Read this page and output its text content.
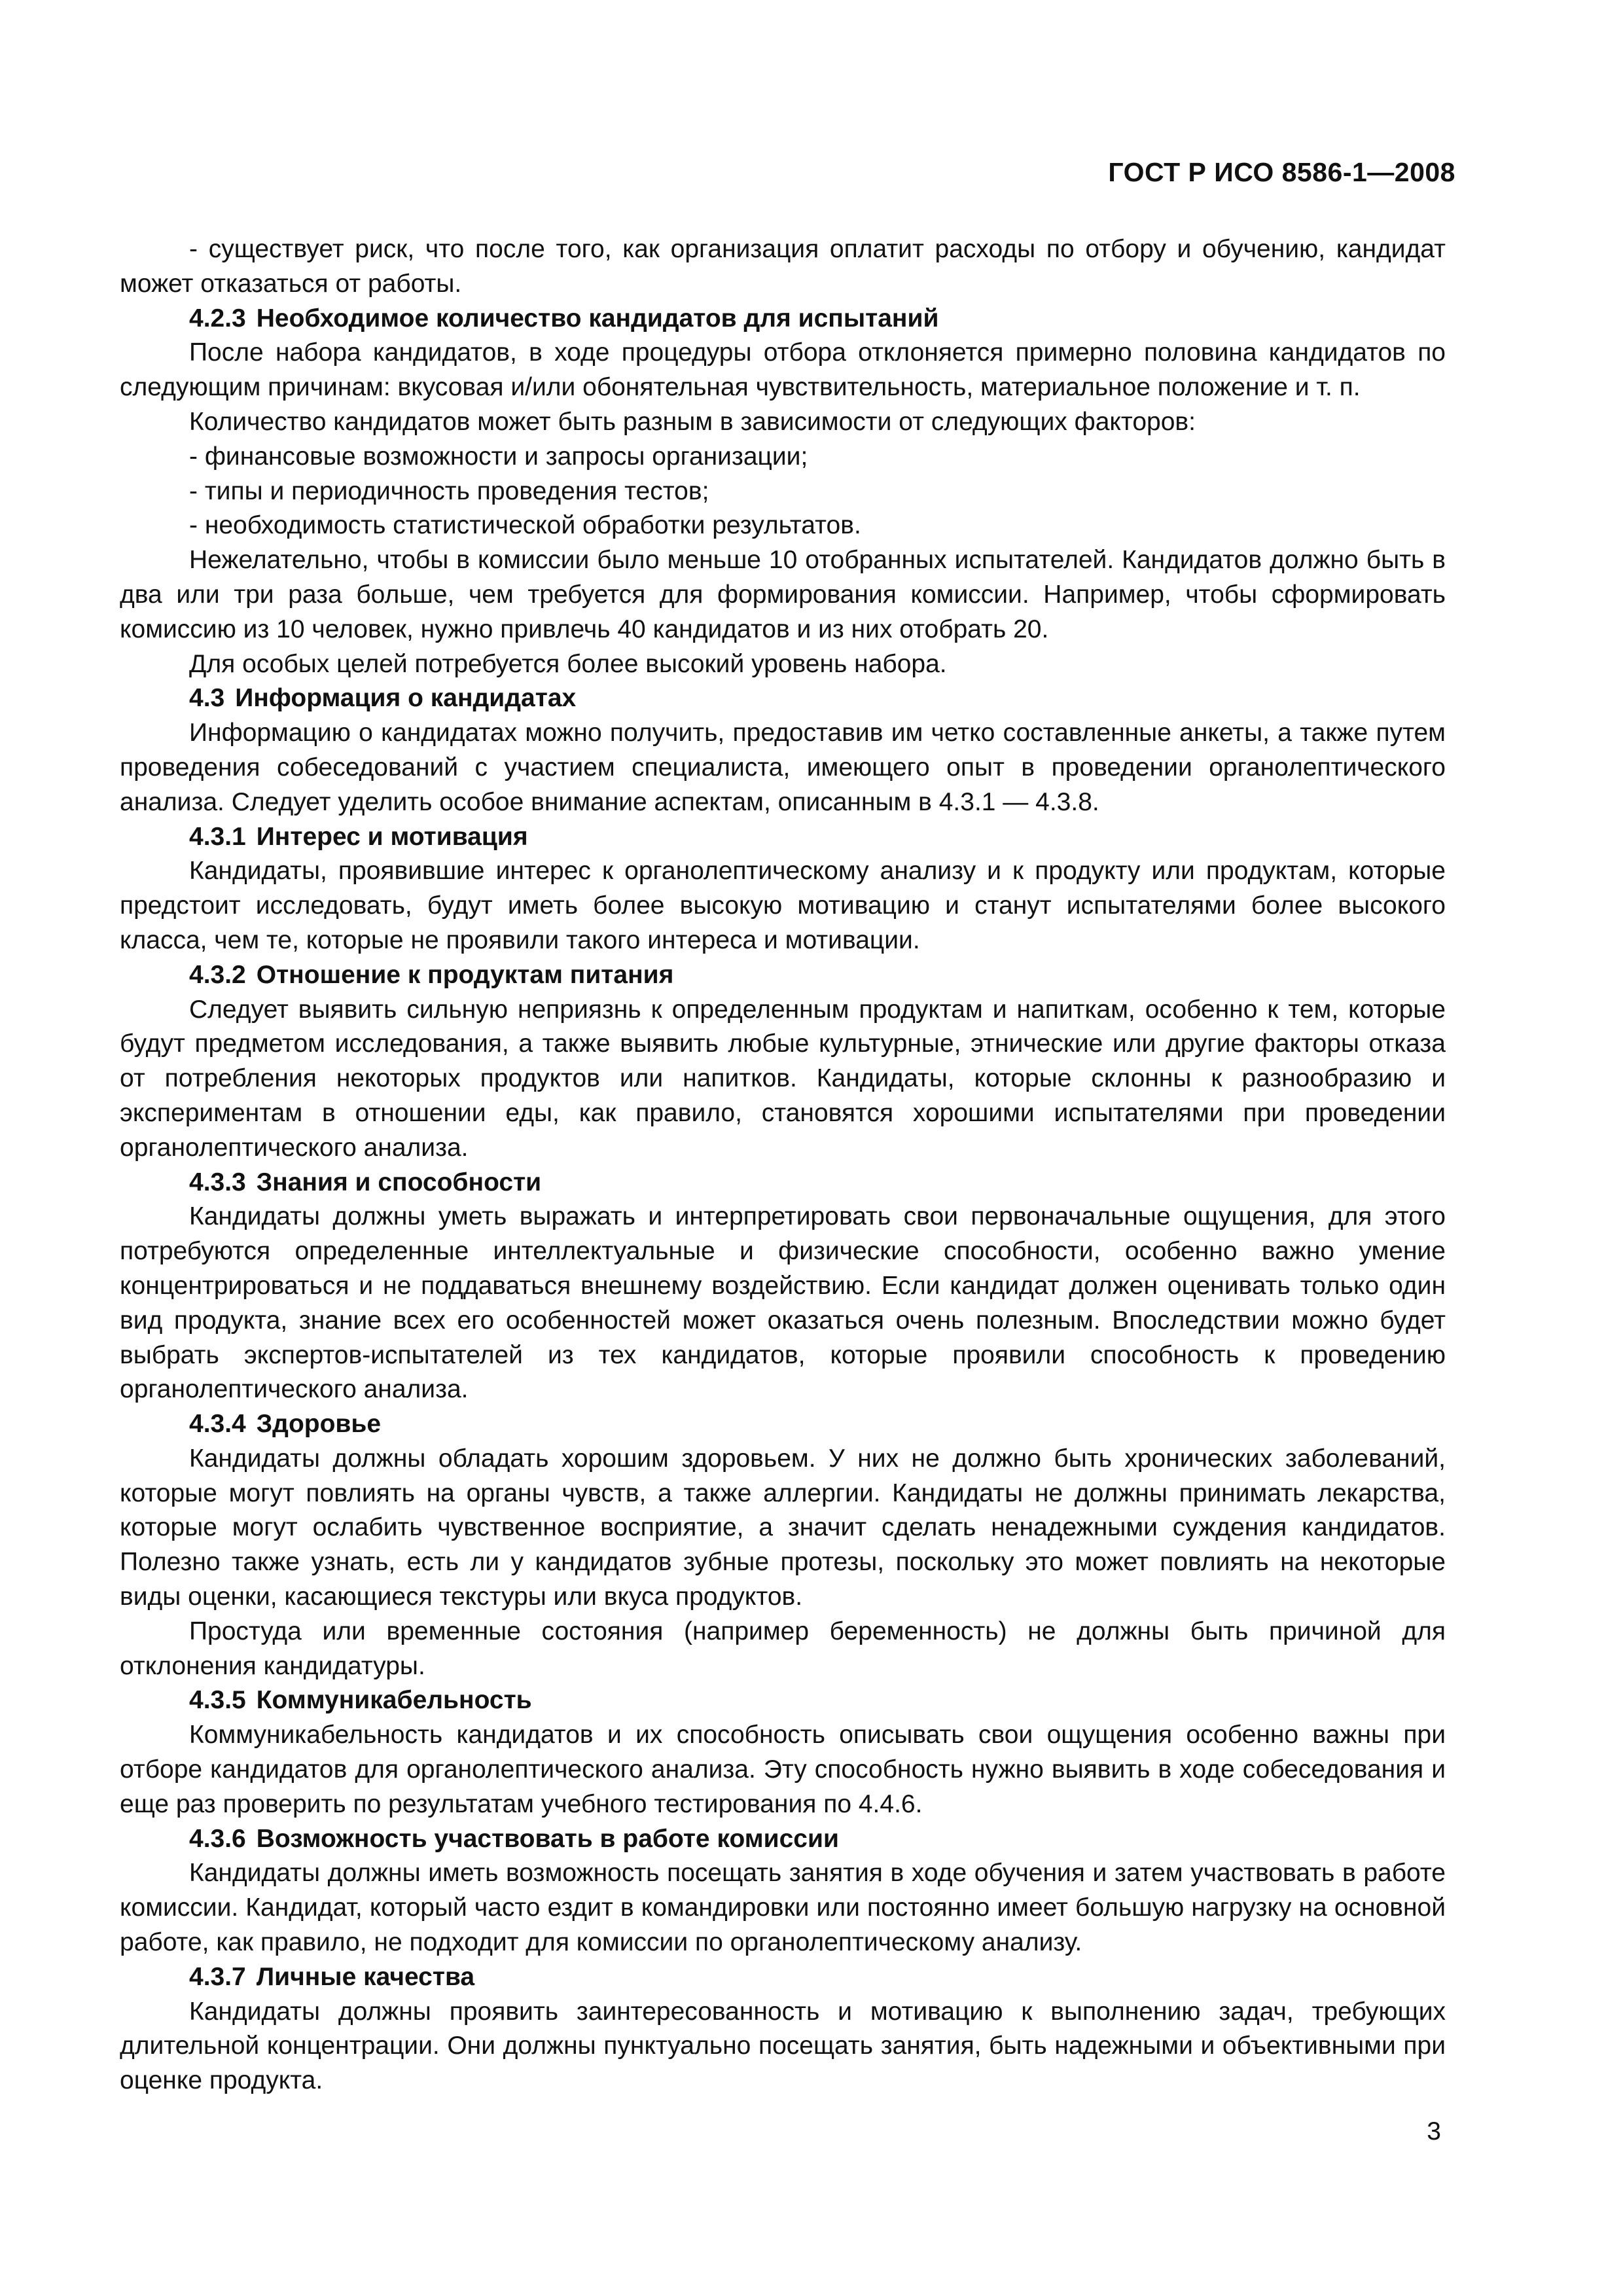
ГОСТ Р ИСО 8586-1—2008

- существует риск, что после того, как организация оплатит расходы по отбору и обучению, кандидат может отказаться от работы.

4.2.3 Необходимое количество кандидатов для испытаний

После набора кандидатов, в ходе процедуры отбора отклоняется примерно половина кандидатов по следующим причинам: вкусовая и/или обонятельная чувствительность, материальное положение и т. п.

Количество кандидатов может быть разным в зависимости от следующих факторов:

- финансовые возможности и запросы организации;

- типы и периодичность проведения тестов;

- необходимость статистической обработки результатов.

Нежелательно, чтобы в комиссии было меньше 10 отобранных испытателей. Кандидатов должно быть в два или три раза больше, чем требуется для формирования комиссии. Например, чтобы сформировать комиссию из 10 человек, нужно привлечь 40 кандидатов и из них отобрать 20.

Для особых целей потребуется более высокий уровень набора.

4.3 Информация о кандидатах

Информацию о кандидатах можно получить, предоставив им четко составленные анкеты, а также путем проведения собеседований с участием специалиста, имеющего опыт в проведении органолептического анализа. Следует уделить особое внимание аспектам, описанным в 4.3.1 — 4.3.8.

4.3.1 Интерес и мотивация

Кандидаты, проявившие интерес к органолептическому анализу и к продукту или продуктам, которые предстоит исследовать, будут иметь более высокую мотивацию и станут испытателями более высокого класса, чем те, которые не проявили такого интереса и мотивации.

4.3.2 Отношение к продуктам питания

Следует выявить сильную неприязнь к определенным продуктам и напиткам, особенно к тем, которые будут предметом исследования, а также выявить любые культурные, этнические или другие факторы отказа от потребления некоторых продуктов или напитков. Кандидаты, которые склонны к разнообразию и экспериментам в отношении еды, как правило, становятся хорошими испытателями при проведении органолептического анализа.

4.3.3 Знания и способности

Кандидаты должны уметь выражать и интерпретировать свои первоначальные ощущения, для этого потребуются определенные интеллектуальные и физические способности, особенно важно умение концентрироваться и не поддаваться внешнему воздействию. Если кандидат должен оценивать только один вид продукта, знание всех его особенностей может оказаться очень полезным. Впоследствии можно будет выбрать экспертов-испытателей из тех кандидатов, которые проявили способность к проведению органолептического анализа.

4.3.4 Здоровье

Кандидаты должны обладать хорошим здоровьем. У них не должно быть хронических заболеваний, которые могут повлиять на органы чувств, а также аллергии. Кандидаты не должны принимать лекарства, которые могут ослабить чувственное восприятие, а значит сделать ненадежными суждения кандидатов. Полезно также узнать, есть ли у кандидатов зубные протезы, поскольку это может повлиять на некоторые виды оценки, касающиеся текстуры или вкуса продуктов.

Простуда или временные состояния (например беременность) не должны быть причиной для отклонения кандидатуры.

4.3.5 Коммуникабельность

Коммуникабельность кандидатов и их способность описывать свои ощущения особенно важны при отборе кандидатов для органолептического анализа. Эту способность нужно выявить в ходе собеседования и еще раз проверить по результатам учебного тестирования по 4.4.6.

4.3.6 Возможность участвовать в работе комиссии

Кандидаты должны иметь возможность посещать занятия в ходе обучения и затем участвовать в работе комиссии. Кандидат, который часто ездит в командировки или постоянно имеет большую нагрузку на основной работе, как правило, не подходит для комиссии по органолептическому анализу.

4.3.7 Личные качества

Кандидаты должны проявить заинтересованность и мотивацию к выполнению задач, требующих длительной концентрации. Они должны пунктуально посещать занятия, быть надежными и объективными при оценке продукта.

3
